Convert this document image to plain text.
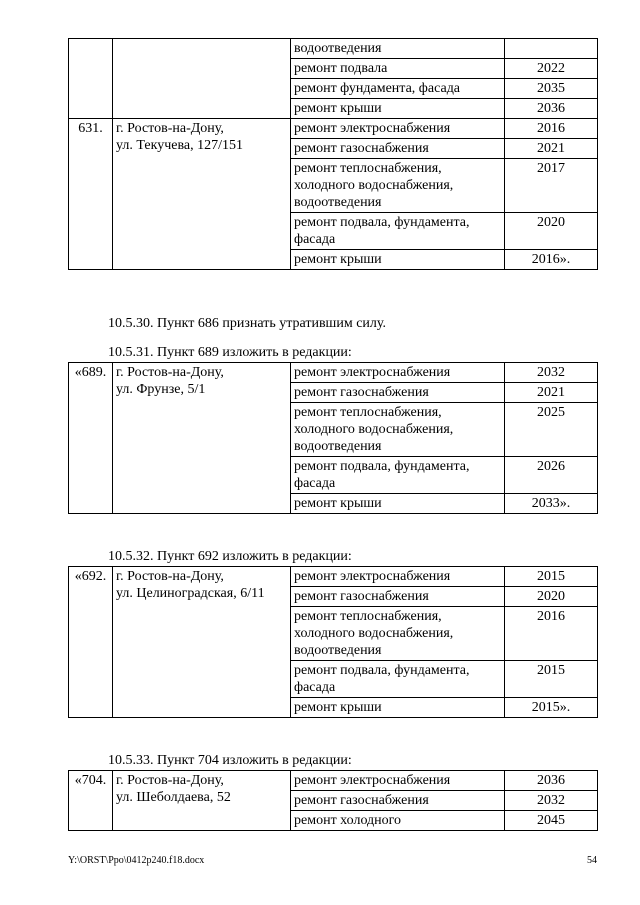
		водоотведения	
		ремонт подвала	2022
		ремонт фундамента, фасада	2035
		ремонт крыши	2036
631.	г. Ростов-на-Дону,
ул. Текучева, 127/151	ремонт электроснабжения	2016
		ремонт газоснабжения	2021

		ремонт теплоснабжения,
холодного водоснабжения,
водоотведения	2017

		ремонт подвала, фундамента,
фасада	2020
		ремонт крыши	2016».
10.5.30. Пункт 686 признать утратившим силу.
10.5.31. Пункт 689 изложить в редакции:
«689.	г. Ростов-на-Дону,
ул. Фрунзе, 5/1	ремонт электроснабжения	2032
		ремонт газоснабжения	2021

		ремонт теплоснабжения,
холодного водоснабжения,
водоотведения	2025

		ремонт подвала, фундамента,
фасада	2026
		ремонт крыши	2033».
10.5.32. Пункт 692 изложить в редакции:
«692.	г. Ростов-на-Дону,
ул. Целиноградская, 6/11	ремонт электроснабжения	2015
		ремонт газоснабжения	2020

		ремонт теплоснабжения,
холодного водоснабжения,
водоотведения	2016

		ремонт подвала, фундамента,
фасада	2015
		ремонт крыши	2015».
10.5.33. Пункт 704 изложить в редакции:
«704.	г. Ростов-на-Дону,
ул. Шеболдаева, 52	ремонт электроснабжения	2036
		ремонт газоснабжения	2032
		ремонт холодного	2045
Y:\ORST\Ppo\0412p240.f18.docx	54
